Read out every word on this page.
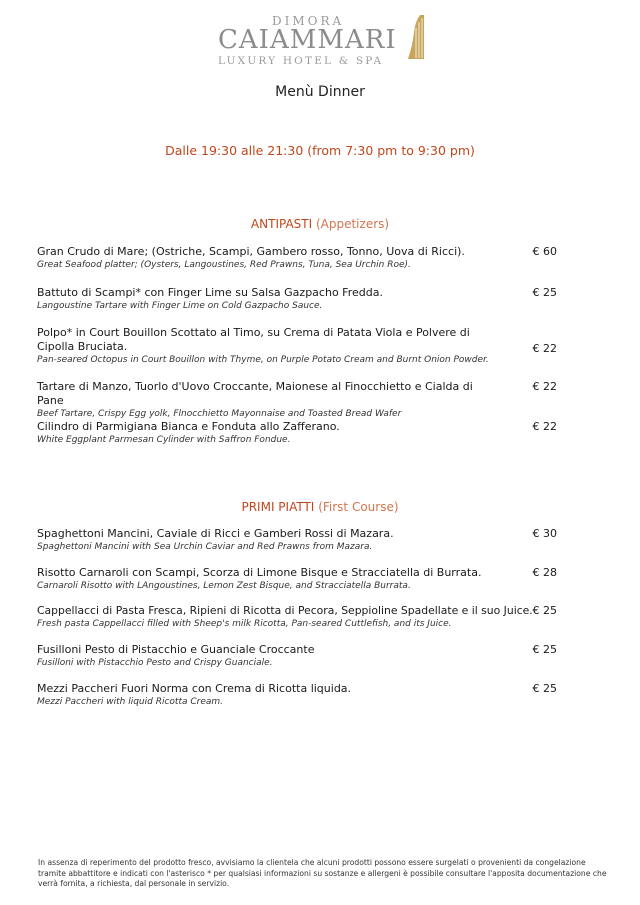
DIMORA
CAIAMMARI
LUXURY HOTEL & SPA
Menù Dinner
Dalle 19:30 alle 21:30 (from 7:30 pm to 9:30 pm)
ANTIPASTI (Appetizers)
Gran Crudo di Mare; (Ostriche, Scampi, Gambero rosso, Tonno, Uova di Ricci).
Great Seafood platter; (Oysters, Langoustines, Red Prawns, Tuna, Sea Urchin Roe).
€ 60
Battuto di Scampi* con Finger Lime su Salsa Gazpacho Fredda.
Langoustine Tartare with Finger Lime on Cold Gazpacho Sauce.
€ 25
Polpo* in Court Bouillon Scottato al Timo, su Crema di Patata Viola e Polvere di Cipolla Bruciata.
Pan-seared Octopus in Court Bouillon with Thyme, on Purple Potato Cream and Burnt Onion Powder.
€ 22
Tartare di Manzo, Tuorlo d'Uovo Croccante, Maionese al Finocchietto e Cialda di Pane
Beef Tartare, Crispy Egg yolk, Flnocchietto Mayonnaise and Toasted Bread Wafer
€ 22
Cilindro di Parmigiana Bianca e Fonduta allo Zafferano.
White Eggplant Parmesan Cylinder with Saffron Fondue.
€ 22
PRIMI PIATTI (First Course)
Spaghettoni Mancini, Caviale di Ricci e Gamberi Rossi di Mazara.
Spaghettoni Mancini with Sea Urchin Caviar and Red Prawns from Mazara.
€ 30
Risotto Carnaroli con Scampi, Scorza di Limone Bisque e Stracciatella di Burrata.
Carnaroli Risotto with LAngoustines, Lemon Zest Bisque, and Stracciatella Burrata.
€ 28
Cappellacci di Pasta Fresca, Ripieni di Ricotta di Pecora, Seppioline Spadellate e il suo Juice.
Fresh pasta Cappellacci filled with Sheep's milk Ricotta, Pan-seared Cuttlefish, and its Juice.
€ 25
Fusilloni Pesto di Pistacchio e Guanciale Croccante
Fusilloni with Pistacchio Pesto and Crispy Guanciale.
€ 25
Mezzi Paccheri Fuori Norma con Crema di Ricotta liquida.
Mezzi Paccheri with liquid Ricotta Cream.
€ 25
In assenza di reperimento del prodotto fresco, avvisiamo la clientela che alcuni prodotti possono essere surgelati o provenienti da congelazione tramite abbattitore e indicati con l'asterisco * per qualsiasi informazioni su sostanze e allergeni è possibile consultare l'apposita documentazione che verrà fornita, a richiesta, dal personale in servizio.
